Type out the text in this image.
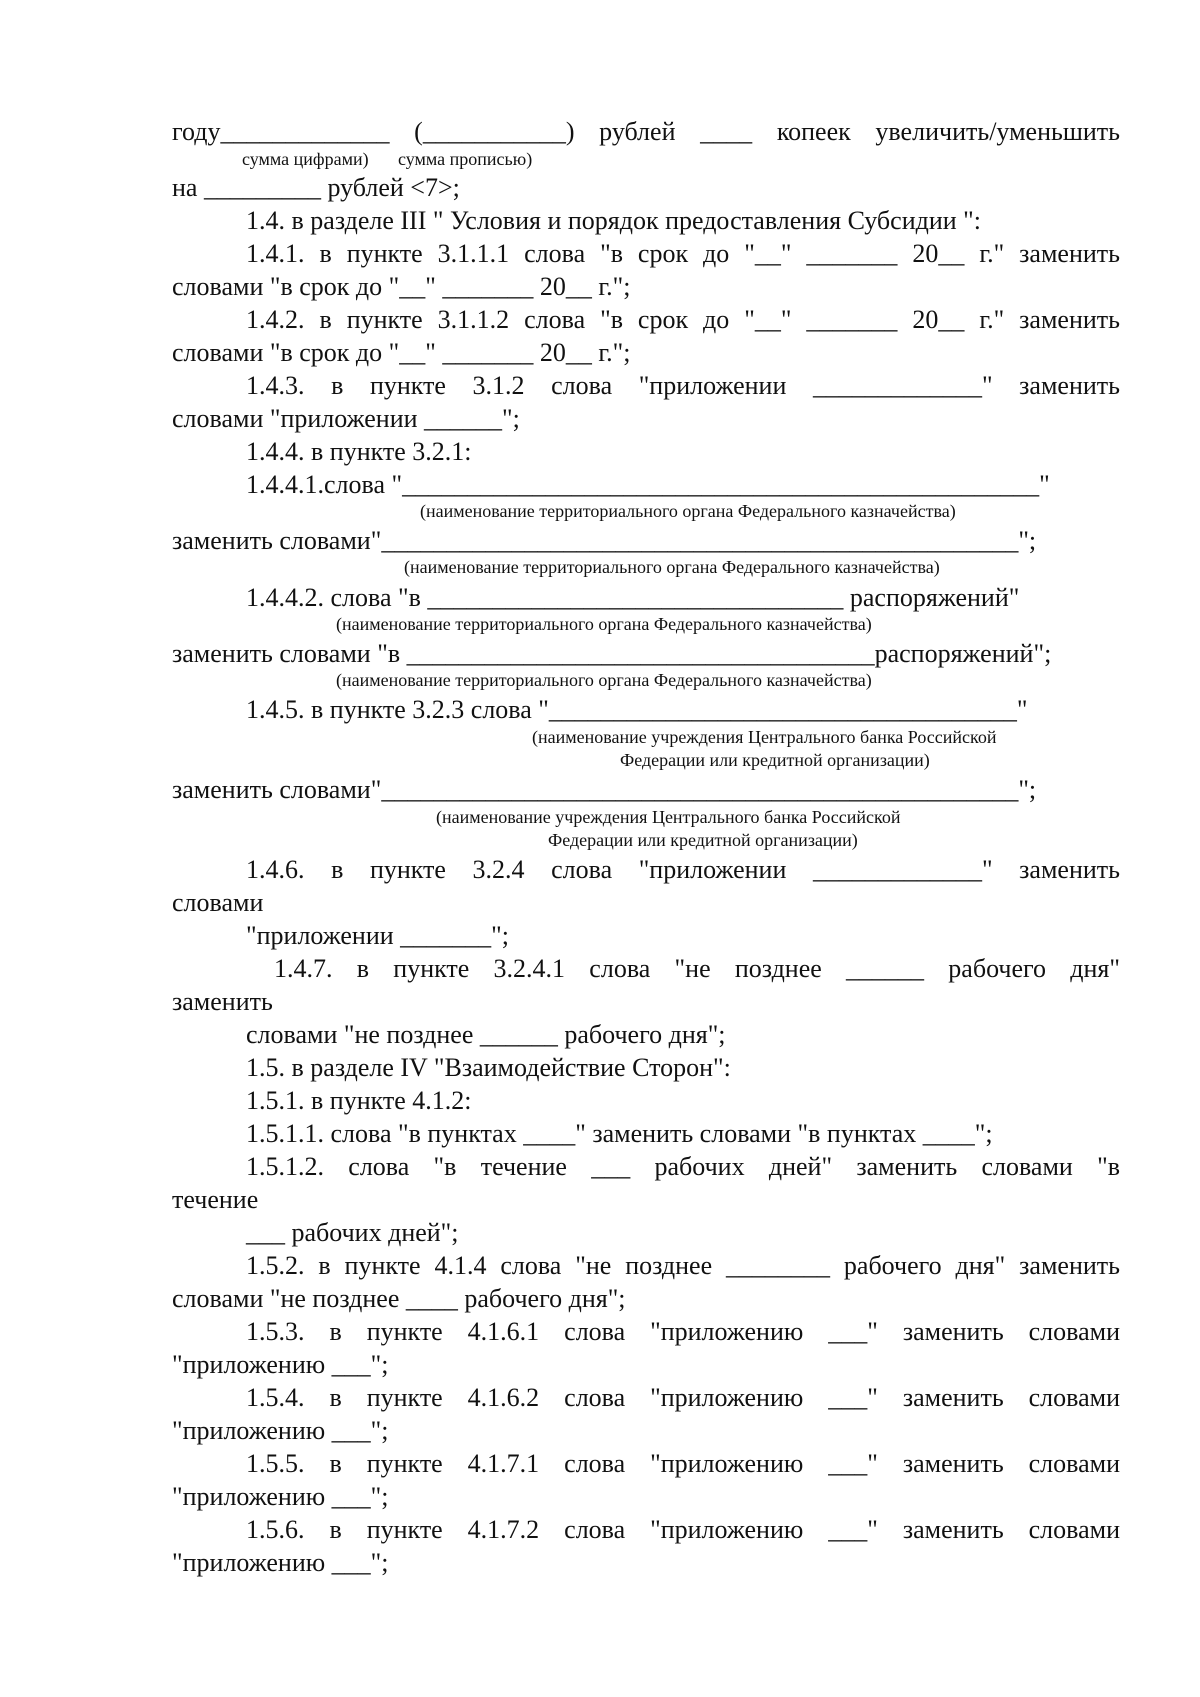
году_____________ (___________) рублей ____ копеек увеличить/уменьшить
сумма цифрами) сумма прописью)
на _________ рублей <7>;
1.4. в разделе III " Условия и порядок предоставления Субсидии ":
1.4.1. в пункте 3.1.1.1 слова "в срок до "__" _______ 20__ г." заменить
словами "в срок до "__" _______ 20__ г.";
1.4.2. в пункте 3.1.1.2 слова "в срок до "__" _______ 20__ г." заменить
словами "в срок до "__" _______ 20__ г.";
1.4.3. в пункте 3.1.2 слова "приложении _____________" заменить
словами "приложении ______";
1.4.4. в пункте 3.2.1:
1.4.4.1.слова "_________________________________________________"
(наименование территориального органа Федерального казначейства)
заменить словами"_________________________________________________";
(наименование территориального органа Федерального казначейства)
1.4.4.2. слова "в ________________________________ распоряжений"
(наименование территориального органа Федерального казначейства)
заменить словами "в ____________________________________распоряжений";
(наименование территориального органа Федерального казначейства)
1.4.5. в пункте 3.2.3 слова "____________________________________"
(наименование учреждения Центрального банка Российской
Федерации или кредитной организации)
заменить словами"_________________________________________________";
(наименование учреждения Центрального банка Российской
Федерации или кредитной организации)
1.4.6. в пункте 3.2.4 слова "приложении _____________" заменить
словами
"приложении _______";
1.4.7. в пункте 3.2.4.1 слова "не позднее ______ рабочего дня"
заменить
словами "не позднее ______ рабочего дня";
1.5. в разделе IV "Взаимодействие Сторон":
1.5.1. в пункте 4.1.2:
1.5.1.1. слова "в пунктах ____" заменить словами "в пунктах ____";
1.5.1.2. слова "в течение ___ рабочих дней" заменить словами "в
течение
___ рабочих дней";
1.5.2. в пункте 4.1.4 слова "не позднее ________ рабочего дня" заменить
словами "не позднее ____ рабочего дня";
1.5.3. в пункте 4.1.6.1 слова "приложению ___" заменить словами
"приложению ___";
1.5.4. в пункте 4.1.6.2 слова "приложению ___" заменить словами
"приложению ___";
1.5.5. в пункте 4.1.7.1 слова "приложению ___" заменить словами
"приложению ___";
1.5.6. в пункте 4.1.7.2 слова "приложению ___" заменить словами
"приложению ___";
